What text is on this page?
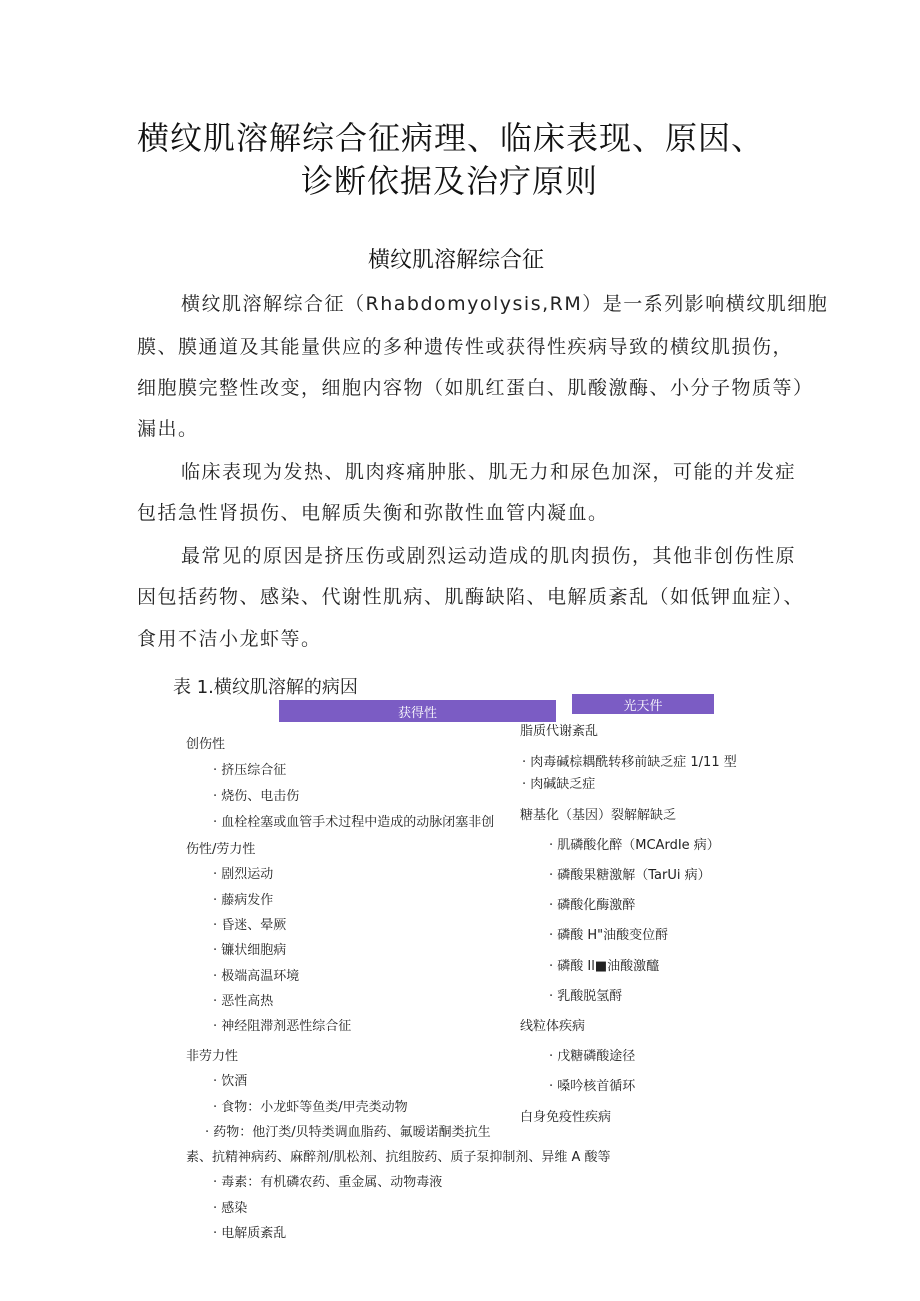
横纹肌溶解综合征病理、临床表现、原因、
诊断依据及治疗原则
横纹肌溶解综合征
横纹肌溶解综合征（Rhabdomyolysis,RM）是一系列影响横纹肌细胞
膜、膜通道及其能量供应的多种遗传性或获得性疾病导致的横纹肌损伤，
细胞膜完整性改变，细胞内容物（如肌红蛋白、肌酸激酶、小分子物质等）
漏出。
临床表现为发热、肌肉疼痛肿胀、肌无力和尿色加深，可能的并发症
包括急性肾损伤、电解质失衡和弥散性血管内凝血。
最常见的原因是挤压伤或剧烈运动造成的肌肉损伤，其他非创伤性原
因包括药物、感染、代谢性肌病、肌酶缺陷、电解质紊乱（如低钾血症）、
食用不洁小龙虾等。
表 1.横纹肌溶解的病因
获得性	光天件
创伤性
· 挤压综合征
· 烧伤、电击伤
· 血栓栓塞或血管手术过程中造成的动脉闭塞非创
伤性/劳力性
· 剧烈运动
· 藤病发作
· 昏迷、晕厥
· 镰状细胞病
· 极端高温环境
· 恶性高热
· 神经阻滞剂恶性综合征
非劳力性
· 饮酒
· 食物：小龙虾等鱼类/甲壳类动物
· 药物：他汀类/贝特类调血脂药、氟暧诺酮类抗生
素、抗精神病药、麻醉剂/肌松剂、抗组胺药、质子泵抑制剂、异维 A 酸等
· 毒素：有机磷农药、重金属、动物毒液
· 感染
· 电解质紊乱
脂质代谢紊乱
· 肉毒碱棕耦酰转移前缺乏症 1/11 型
· 肉碱缺乏症
糖基化（基因）裂解解缺乏
· 肌磷酸化醉（MCArdIe 病）
· 磷酸果糖激解（TarUi 病）
· 磷酸化酶激醉
· 磷酸 H"油酸变位酹
· 磷酸 Il■油酸激醯
· 乳酸脱氢酹
线粒体疾病
· 戊糖磷酸途径
· 嗓吟核首循环
白身免疫性疾病
